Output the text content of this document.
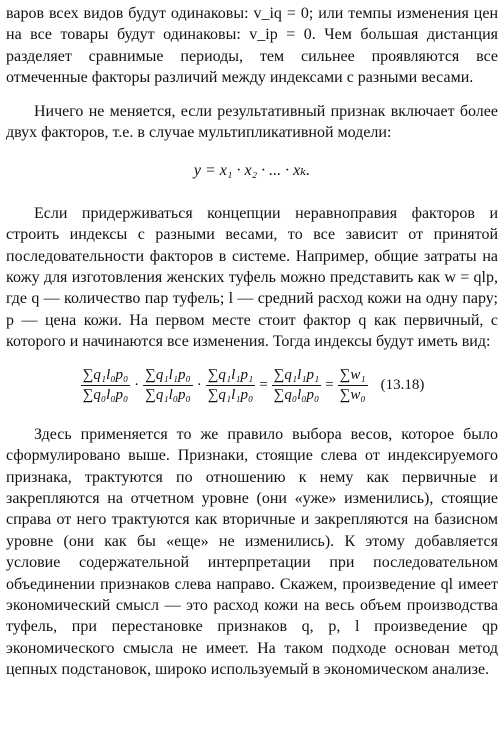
варов всех видов будут одинаковы: v_iq = 0; или темпы изменения цен на все товары будут одинаковы: v_ip = 0. Чем большая дистанция разделяет сравнимые периоды, тем сильнее проявляются все отмеченные факторы различий между индексами с разными весами.

Ничего не меняется, если результативный признак включает более двух факторов, т.е. в случае мультипликативной модели:

y = x₁ · x₂ · ... · xₖ.

Если придерживаться концепции неравноправия факторов и строить индексы с разными весами, то все зависит от принятой последовательности факторов в системе. Например, общие затраты на кожу для изготовления женских туфель можно представить как w = qlp, где q — количество пар туфель; l — средний расход кожи на одну пару; p — цена кожи. На первом месте стоит фактор q как первичный, с которого и начинаются все изменения. Тогда индексы будут иметь вид:

$\frac{\text{∑q₁l₀p₀}}{\text{∑q₀l₀p₀}} \cdot \frac{\text{∑q₁l₁p₀}}{\text{∑q₁l₀p₀}} \cdot \frac{\text{∑q₁l₁p₁}}{\text{∑q₁l₁p₀}} = \frac{\text{∑q₁l₁p₁}}{\text{∑q₀l₀p₀}} = \frac{\text{∑w₁}}{\text{∑w₀}} (13.18)$

Здесь применяется то же правило выбора весов, которое было сформулировано выше. Признаки, стоящие слева от индексируемого признака, трактуются по отношению к нему как первичные и закрепляются на отчетном уровне (они «уже» изменились), стоящие справа от него трактуются как вторичные и закрепляются на базисном уровне (они как бы «еще» не изменились). К этому добавляется условие содержательной интерпретации при последовательном объединении признаков слева направо. Скажем, произведение ql имеет экономический смысл — это расход кожи на весь объем производства туфель, при перестановке признаков q, p, l произведение qp экономического смысла не имеет. На таком подходе основан метод цепных подстановок, широко используемый в экономическом анализе.
